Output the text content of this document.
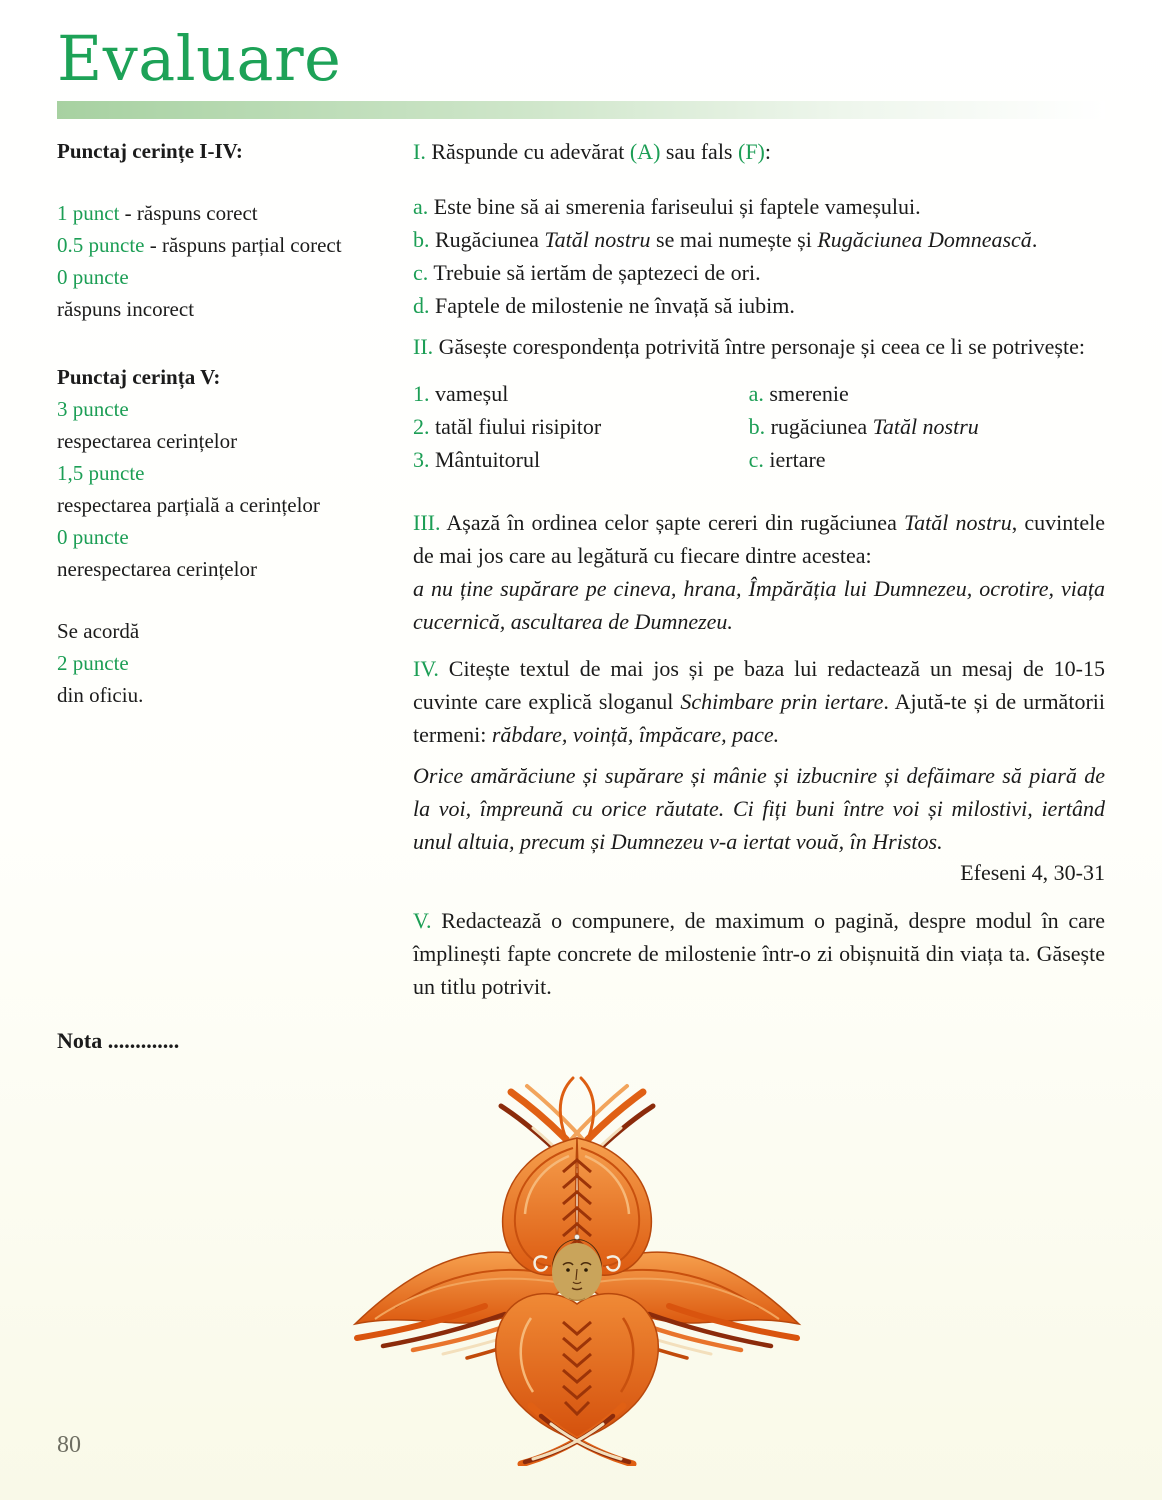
Evaluare
Punctaj cerințe I-IV:
1 punct - răspuns corect
0.5 puncte - răspuns parțial corect
0 puncte
răspuns incorect
Punctaj cerința V:
3 puncte
respectarea cerințelor
1,5 puncte
respectarea parțială a cerințelor
0 puncte
nerespectarea cerințelor
Se acordă
2 puncte
din oficiu.
I. Răspunde cu adevărat (A) sau fals (F):
a. Este bine să ai smerenia fariseului și faptele vameșului.
b. Rugăciunea Tatăl nostru se mai numește și Rugăciunea Domnească.
c. Trebuie să iertăm de șaptezeci de ori.
d. Faptele de milostenie ne învață să iubim.
II. Găsește corespondența potrivită între personaje și ceea ce li se potrivește:
1. vameșul	a. smerenie
2. tatăl fiului risipitor	b. rugăciunea Tatăl nostru
3. Mântuitorul	c. iertare
III. Așază în ordinea celor șapte cereri din rugăciunea Tatăl nostru, cuvintele de mai jos care au legătură cu fiecare dintre acestea:
a nu ține supărare pe cineva, hrana, Împărăția lui Dumnezeu, ocrotire, viața cucernică, ascultarea de Dumnezeu.
IV. Citește textul de mai jos și pe baza lui redactează un mesaj de 10-15 cuvinte care explică sloganul Schimbare prin iertare. Ajută-te și de următorii termeni: răbdare, voință, împăcare, pace.
Orice amărăciune și supărare și mânie și izbucnire și defăimare să piară de la voi, împreună cu orice răutate. Ci fiți buni între voi și milostivi, iertând unul altuia, precum și Dumnezeu v-a iertat vouă, în Hristos.
Efeseni 4, 30-31
V. Redactează o compunere, de maximum o pagină, despre modul în care împlinești fapte concrete de milostenie într-o zi obișnuită din viața ta. Găsește un titlu potrivit.
Nota .............
80
